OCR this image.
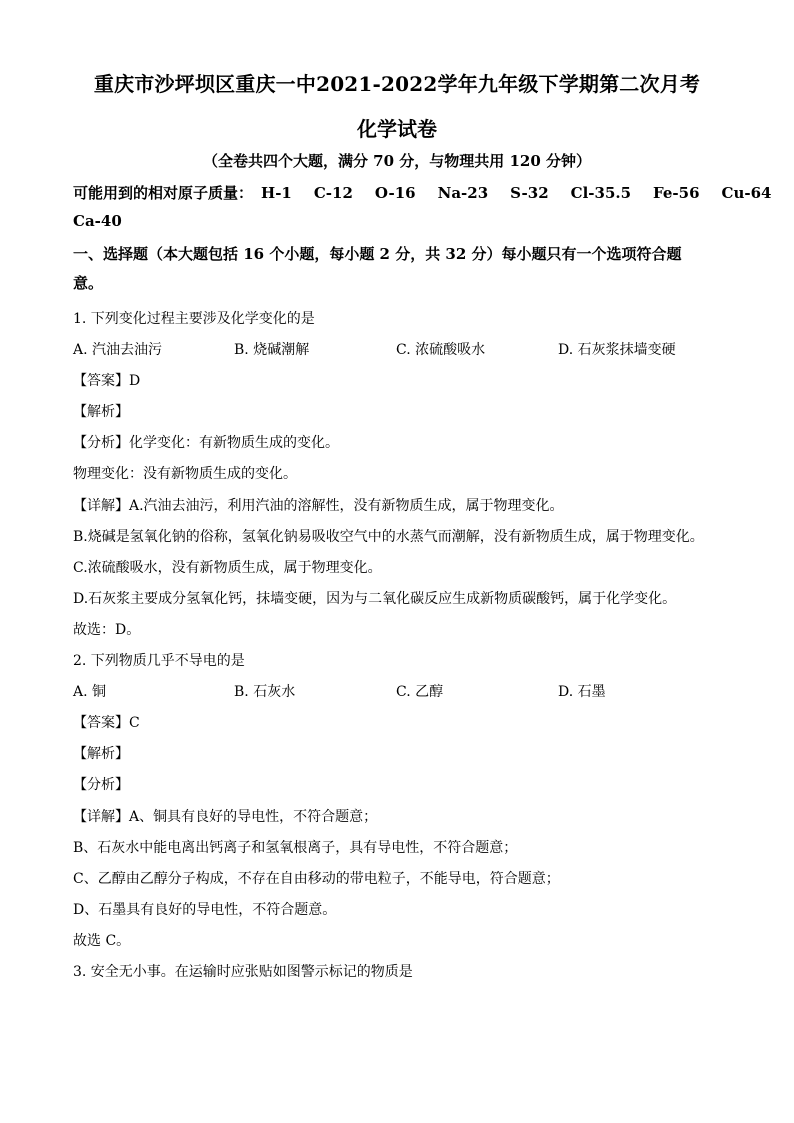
重庆市沙坪坝区重庆一中2021-2022学年九年级下学期第二次月考
化学试卷
（全卷共四个大题，满分 70 分，与物理共用 120 分钟）
可能用到的相对原子质量： H-1 C-12 O-16 Na-23 S-32 Cl-35.5 Fe-56 Cu-64
Ca-40
一、选择题（本大题包括 16 个小题，每小题 2 分，共 32 分）每小题只有一个选项符合题
意。
1. 下列变化过程主要涉及化学变化的是
A. 汽油去油污	B. 烧碱潮解	C. 浓硫酸吸水	D. 石灰浆抹墙变硬
【答案】D
【解析】
【分析】化学变化：有新物质生成的变化。
物理变化：没有新物质生成的变化。
【详解】A.汽油去油污，利用汽油的溶解性，没有新物质生成，属于物理变化。
B.烧碱是氢氧化钠的俗称，氢氧化钠易吸收空气中的水蒸气而潮解，没有新物质生成，属于物理变化。
C.浓硫酸吸水，没有新物质生成，属于物理变化。
D.石灰浆主要成分氢氧化钙，抹墙变硬，因为与二氧化碳反应生成新物质碳酸钙，属于化学变化。
故选：D。
2. 下列物质几乎不导电的是
A. 铜	B. 石灰水	C. 乙醇	D. 石墨
【答案】C
【解析】
【分析】
【详解】A、铜具有良好的导电性，不符合题意；
B、石灰水中能电离出钙离子和氢氧根离子，具有导电性，不符合题意；
C、乙醇由乙醇分子构成，不存在自由移动的带电粒子，不能导电，符合题意；
D、石墨具有良好的导电性，不符合题意。
故选 C。
3. 安全无小事。在运输时应张贴如图警示标记的物质是
